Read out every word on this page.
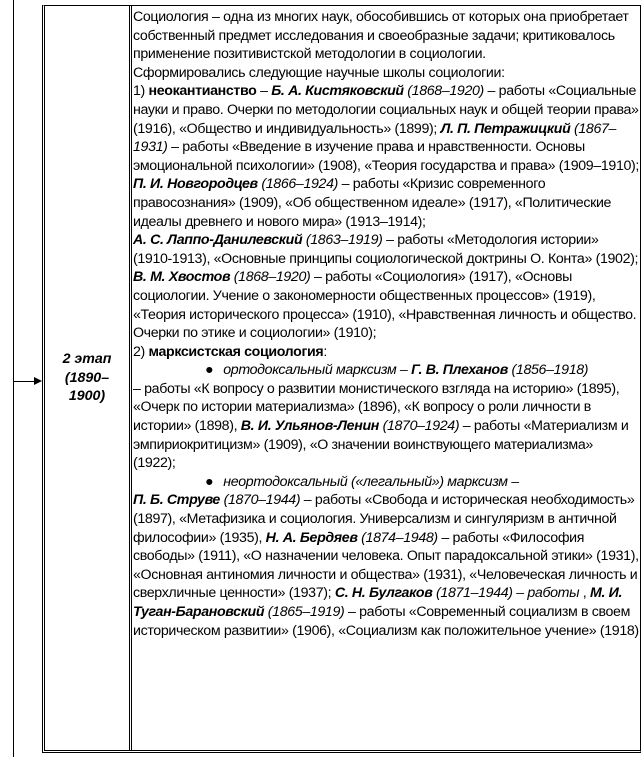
2 этап
(1890–
1900)

Социология – одна из многих наук, обособившись от которых она приобретает собственный предмет исследования и своеобразные задачи; критиковалось применение позитивистской методологии в социологии.

Сформировались следующие научные школы социологии:

1) неокантианство – Б. А. Кистяковский (1868–1920) – работы «Социальные науки и право. Очерки по методологии социальных наук и общей теории права» (1916), «Общество и индивидуальность» (1899); Л. П. Петражицкий (1867–1931) – работы «Введение в изучение права и нравственности. Основы эмоциональной психологии» (1908), «Теория государства и права» (1909–1910);

П. И. Новгородцев (1866–1924) – работы «Кризис современного правосознания» (1909), «Об общественном идеале» (1917), «Политические идеалы древнего и нового мира» (1913–1914);

А. С. Лаппо-Данилевский (1863–1919) – работы «Методология истории» (1910-1913), «Основные принципы социологической доктрины О. Конта» (1902); В. М. Хвостов (1868–1920) – работы «Социология» (1917), «Основы социологии. Учение о закономерности общественных процессов» (1919), «Теория исторического процесса» (1910), «Нравственная личность и общество. Очерки по этике и социологии» (1910);

2) марксистская социология:

● ортодоксальный марксизм – Г. В. Плеханов (1856–1918)
– работы «К вопросу о развитии монистического взгляда на историю» (1895), «Очерк по истории материализма» (1896), «К вопросу о роли личности в истории» (1898), В. И. Ульянов-Ленин (1870–1924) – работы «Материализм и эмпириокритицизм» (1909), «О значении воинствующего материализма» (1922);

● неортодоксальный («легальный») марксизм –
П. Б. Струве (1870–1944) – работы «Свобода и историческая необходимость» (1897), «Метафизика и социология. Универсализм и сингуляризм в античной философии» (1935), Н. А. Бердяев (1874–1948) – работы «Философия свободы» (1911), «О назначении человека. Опыт парадоксальной этики» (1931), «Основная антиномия личности и общества» (1931), «Человеческая личность и сверхличные ценности» (1937); С. Н. Булгаков (1871–1944) – работы , М. И. Туган-Барановский (1865–1919) – работы «Современный социализм в своем историческом развитии» (1906), «Социализм как положительное учение» (1918)
